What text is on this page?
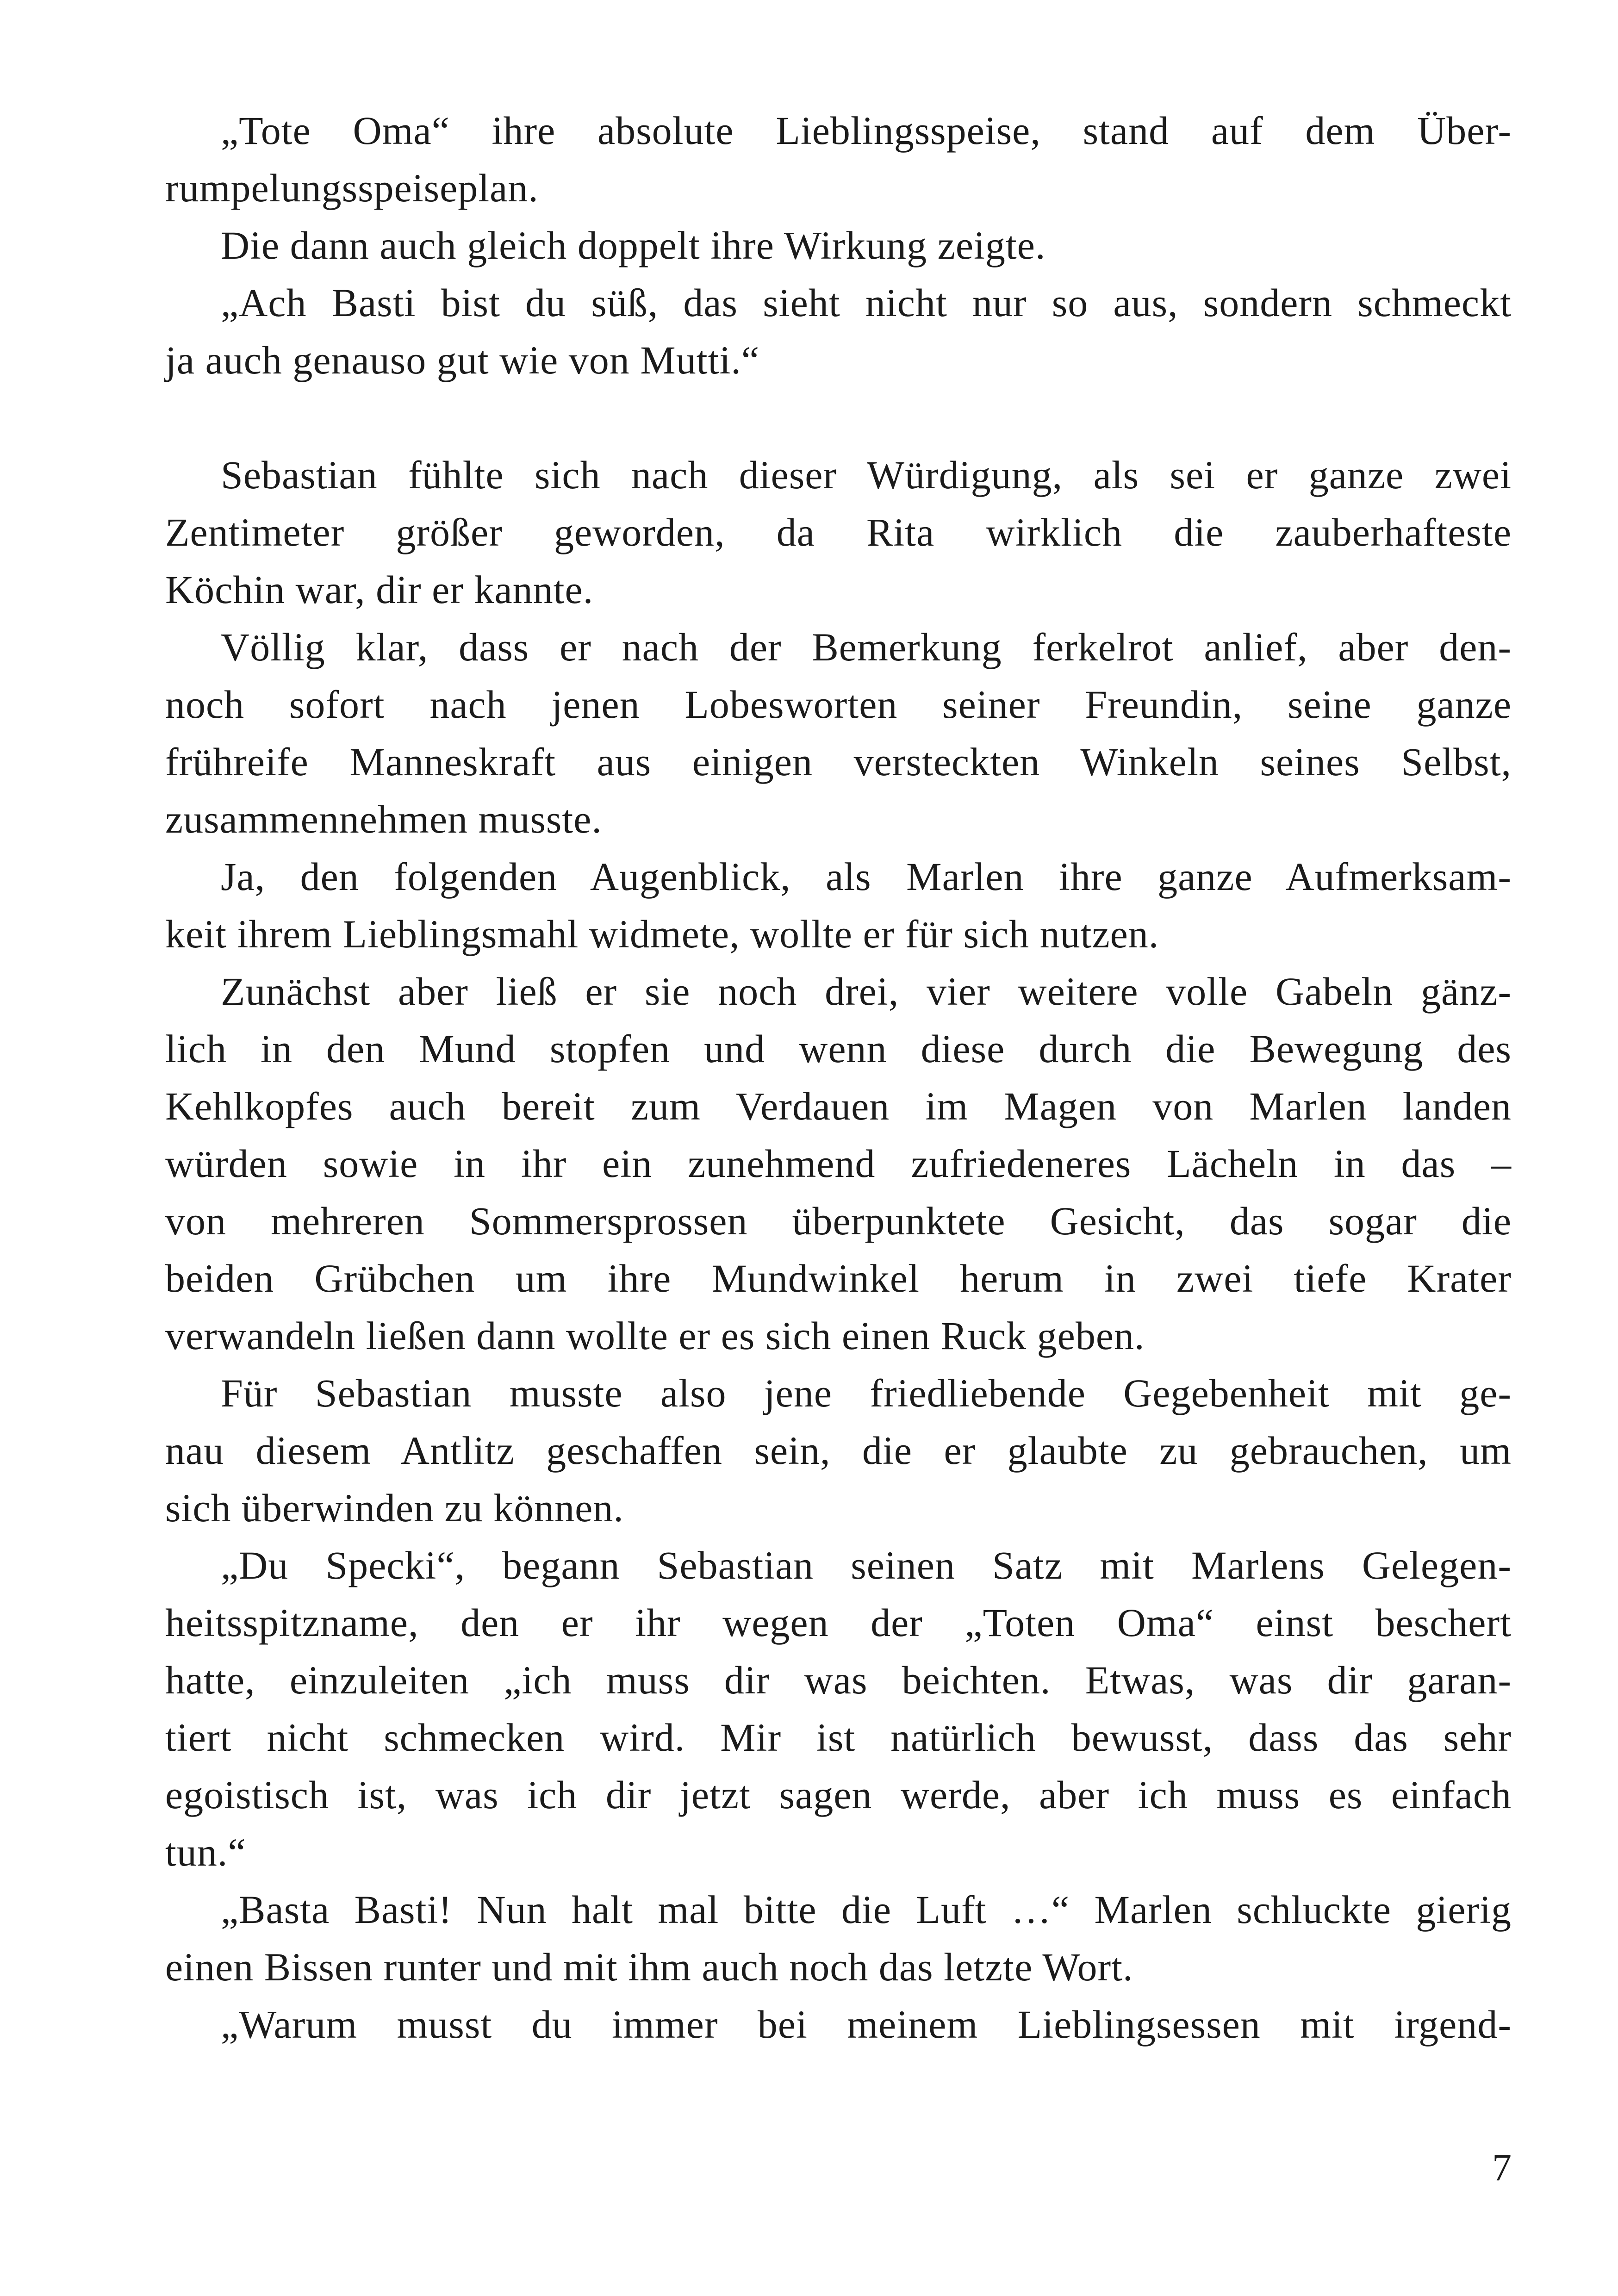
„Tote Oma“ ihre absolute Lieblingsspeise, stand auf dem Über-
rumpelungsspeiseplan.
Die dann auch gleich doppelt ihre Wirkung zeigte.
„Ach Basti bist du süß, das sieht nicht nur so aus, sondern schmeckt
ja auch genauso gut wie von Mutti.“
Sebastian fühlte sich nach dieser Würdigung, als sei er ganze zwei
Zentimeter größer geworden, da Rita wirklich die zauberhafteste
Köchin war, dir er kannte.
Völlig klar, dass er nach der Bemerkung ferkelrot anlief, aber den-
noch sofort nach jenen Lobesworten seiner Freundin, seine ganze
frühreife Manneskraft aus einigen versteckten Winkeln seines Selbst,
zusammennehmen musste.
Ja, den folgenden Augenblick, als Marlen ihre ganze Aufmerksam-
keit ihrem Lieblingsmahl widmete, wollte er für sich nutzen.
Zunächst aber ließ er sie noch drei, vier weitere volle Gabeln gänz-
lich in den Mund stopfen und wenn diese durch die Bewegung des
Kehlkopfes auch bereit zum Verdauen im Magen von Marlen landen
würden sowie in ihr ein zunehmend zufriedeneres Lächeln in das –
von mehreren Sommersprossen überpunktete Gesicht, das sogar die
beiden Grübchen um ihre Mundwinkel herum in zwei tiefe Krater
verwandeln ließen dann wollte er es sich einen Ruck geben.
Für Sebastian musste also jene friedliebende Gegebenheit mit ge-
nau diesem Antlitz geschaffen sein, die er glaubte zu gebrauchen, um
sich überwinden zu können.
„Du Specki“, begann Sebastian seinen Satz mit Marlens Gelegen-
heitsspitzname, den er ihr wegen der „Toten Oma“ einst beschert
hatte, einzuleiten „ich muss dir was beichten. Etwas, was dir garan-
tiert nicht schmecken wird. Mir ist natürlich bewusst, dass das sehr
egoistisch ist, was ich dir jetzt sagen werde, aber ich muss es einfach
tun.“
„Basta Basti! Nun halt mal bitte die Luft …“ Marlen schluckte gierig
einen Bissen runter und mit ihm auch noch das letzte Wort.
„Warum musst du immer bei meinem Lieblingsessen mit irgend-
7
